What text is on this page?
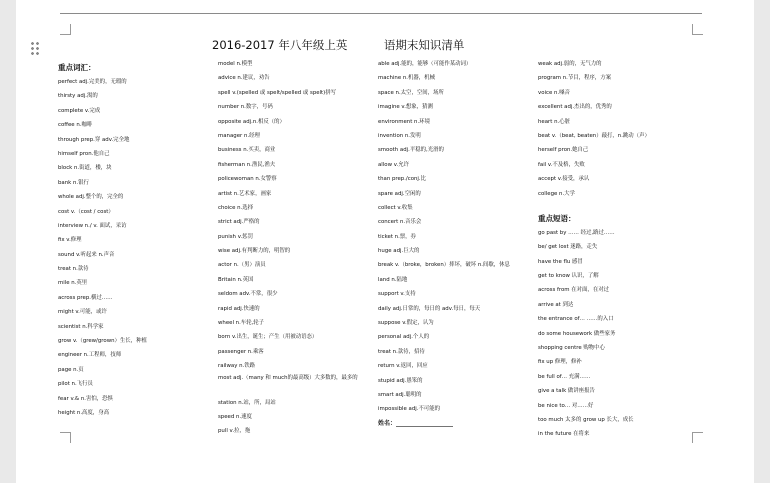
2016-2017 年八年级上英          语期末知识清单
重点词汇：
perfect adj.完美的，无瑕的
thirsty adj.渴的
complete v.完成
coffee n.咖啡
through prep.穿 adv.完全地
himself pron.他自己
block n.街道，楼，块
bank n.银行
whole adj.整个的，完全的
cost v.（cost / cost）
interview n./ v. 面试，采访
fix v.修理
sound v.听起来 n.声音
treat n.款待
mile n.英里
across prep.横过……
might v.可能，或许
scientist n.科学家
grow v.（grew/grown）生长，种植
engineer n.工程师，技师
page n.页
pilot n.飞行员
fear v.& n.害怕，恐惧
height n.高度，身高
model n.模型
advice n.建议，劝告
spell v.(spelled 或 spelt/spelled 或 spelt)拼写
number n.数字，号码
opposite adj.n.相反（的）
manager n.经理
business n.买卖，商业
fisherman n.渔民,渔夫
policewoman n.女警察
artist n.艺术家，画家
choice n.选择
strict adj.严格的
punish v.惩罚
wise adj.有判断力的，明智的
actor n.（男）演员
Britain n.英国
seldom adv.不常，很少
rapid adj.快速的
wheel n.车轮,轮子
born v.出生，诞生；产生（用被动语态）
passenger n.乘客
railway n.铁路
most adj.（many 和 much的最高级）大多数的，最多的
station n.站，所，局站
speed n.速度
pull v.拉，拖
able adj.能的，能够（可能作某动词）
machine n.机器，机械
space n.太空，空间，场所
imagine v.想象，猜测
environment n.环境
invention n.发明
smooth adj.平稳的,光滑的
allow v.允许
than prep./conj.比
spare adj.空闲的
collect v.收集
concert n.音乐会
ticket n.票，券
huge adj.巨大的
break v.（broke，broken）摔坏，破坏 n.间歇，休息
land n.陆地
support v.支持
daily adj.日常的，每日的 adv.每日，每天
suppose v.假定，认为
personal adj.个人的
treat n.款待，招待
return v.返回，回应
stupid adj.愚笨的
smart adj.聪明的
impossible adj.不可能的
姓名：___________________
weak adj.弱的，无气力的
program n.节目，程序，方案
voice n.嗓音
excellent adj.杰出的，优秀的
heart n.心脏
beat v.（beat, beaten）敲打，n.跳动（声）
herself pron.她自己
fail v.不及格，失败
accept v.接受，承认
college n.大学
重点短语：
go past by …… 经过,路过……
be/ get lost 迷路，走失
have the flu 感冒
get to know 认识，了解
across from 在对面，在对过
arrive at 到达
the entrance of… ……的入口
do some housework 做些家务
shopping centre 购物中心
fix up 修理，修补
be full of… 充满……
give a talk 做讲座报告
be nice to… 对……好
too much 太多的 grow up 长大，成长
in the future 在将来
